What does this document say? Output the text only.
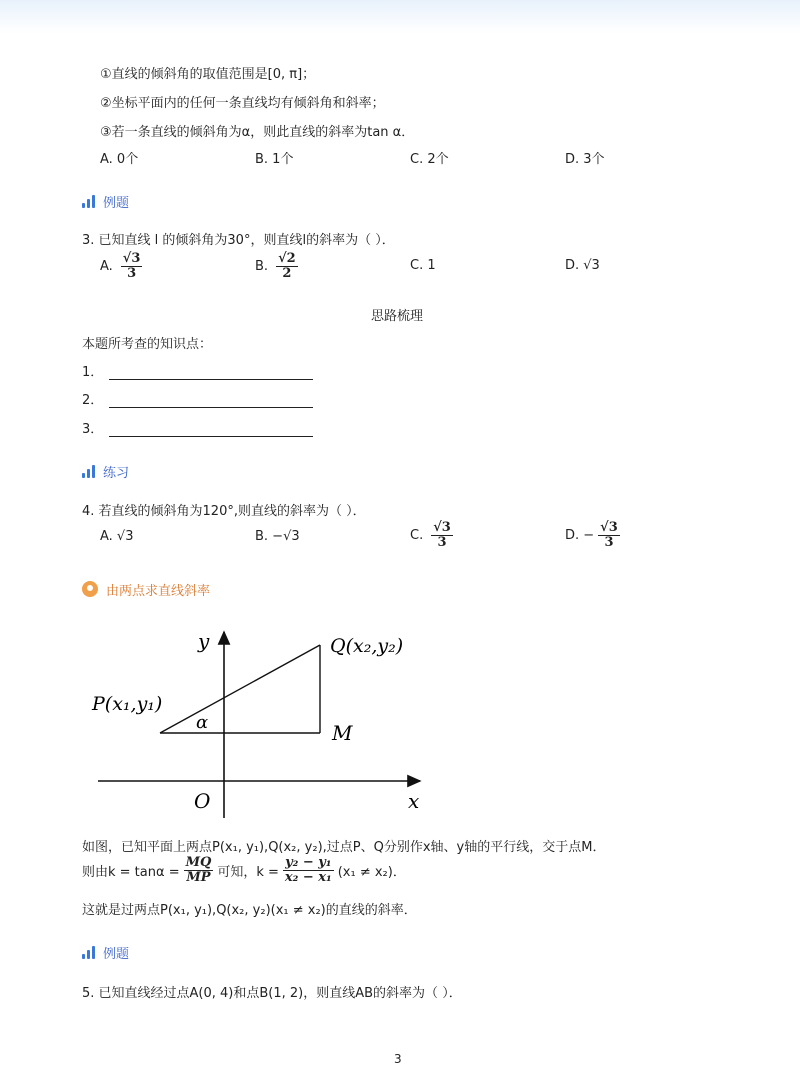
①直线的倾斜角的取值范围是[0, π]；
②坐标平面内的任何一条直线均有倾斜角和斜率；
③若一条直线的倾斜角为α，则此直线的斜率为tan α．
A. 0个	B. 1个	C. 2个	D. 3个
例题
3. 已知直线 l 的倾斜角为30°，则直线l的斜率为（ ）．
A. $\frac{√3}{3}$	B. $\frac{√2}{2}$	C. 1	D. √3
思路梳理
本题所考查的知识点：
1．
2．
3．
练习
4. 若直线的倾斜角为120°,则直线的斜率为（ ）．
A. √3	B. −√3	C. $\frac{√3}{3}$	D. − $\frac{√3}{3}$
由两点求直线斜率
y
x
O
P(x₁,y₁)
Q(x₂,y₂)
M
α
如图，已知平面上两点P(x₁, y₁),Q(x₂, y₂),过点P、Q分别作x轴、y轴的平行线，交于点M．
则由$k = \tan\alpha = \frac{MQ}{MP}$ 可知，$k = \frac{\text{y₂ − y₁}}{\text{x₂ − x₁}} (x_1 \ne x_2)$．
这就是过两点P(x₁, y₁),Q(x₂, y₂)(x₁ ≠ x₂)的直线的斜率．
例题
5. 已知直线经过点A(0, 4)和点B(1, 2)，则直线AB的斜率为（ ）．
3
